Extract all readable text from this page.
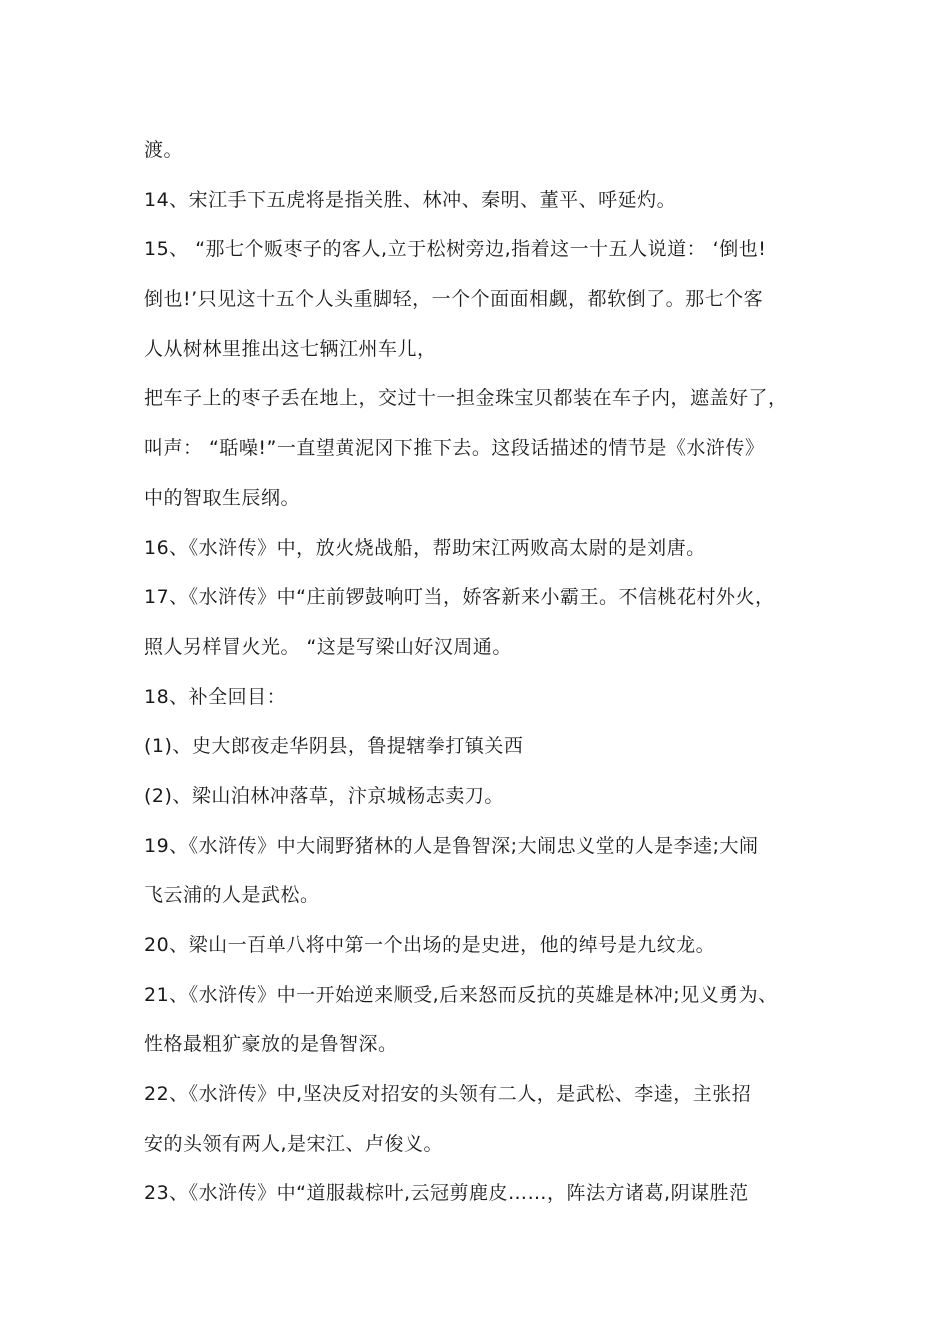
渡。
14、宋江手下五虎将是指关胜、林冲、秦明、董平、呼延灼。
15、 “那七个贩枣子的客人,立于松树旁边,指着这一十五人说道： ‘倒也!
倒也!’只见这十五个人头重脚轻，一个个面面相觑，都软倒了。那七个客
人从树林里推出这七辆江州车儿，
把车子上的枣子丢在地上，交过十一担金珠宝贝都装在车子内，遮盖好了，
叫声： “聒噪!”一直望黄泥冈下推下去。这段话描述的情节是《水浒传》
中的智取生辰纲。
16、《水浒传》中，放火烧战船，帮助宋江两败高太尉的是刘唐。
17、《水浒传》中“庄前锣鼓响叮当，娇客新来小霸王。不信桃花村外火，
照人另样冒火光。 “这是写梁山好汉周通。
18、补全回目：
(1)、史大郎夜走华阴县，鲁提辖拳打镇关西
(2)、梁山泊林冲落草，汴京城杨志卖刀。
19、《水浒传》中大闹野猪林的人是鲁智深;大闹忠义堂的人是李逵;大闹
飞云浦的人是武松。
20、梁山一百单八将中第一个出场的是史进，他的绰号是九纹龙。
21、《水浒传》中一开始逆来顺受,后来怒而反抗的英雄是林冲;见义勇为、
性格最粗犷豪放的是鲁智深。
22、《水浒传》中,坚决反对招安的头领有二人，是武松、李逵，主张招
安的头领有两人,是宋江、卢俊义。
23、《水浒传》中“道服裁棕叶,云冠剪鹿皮……，阵法方诸葛,阴谋胜范
